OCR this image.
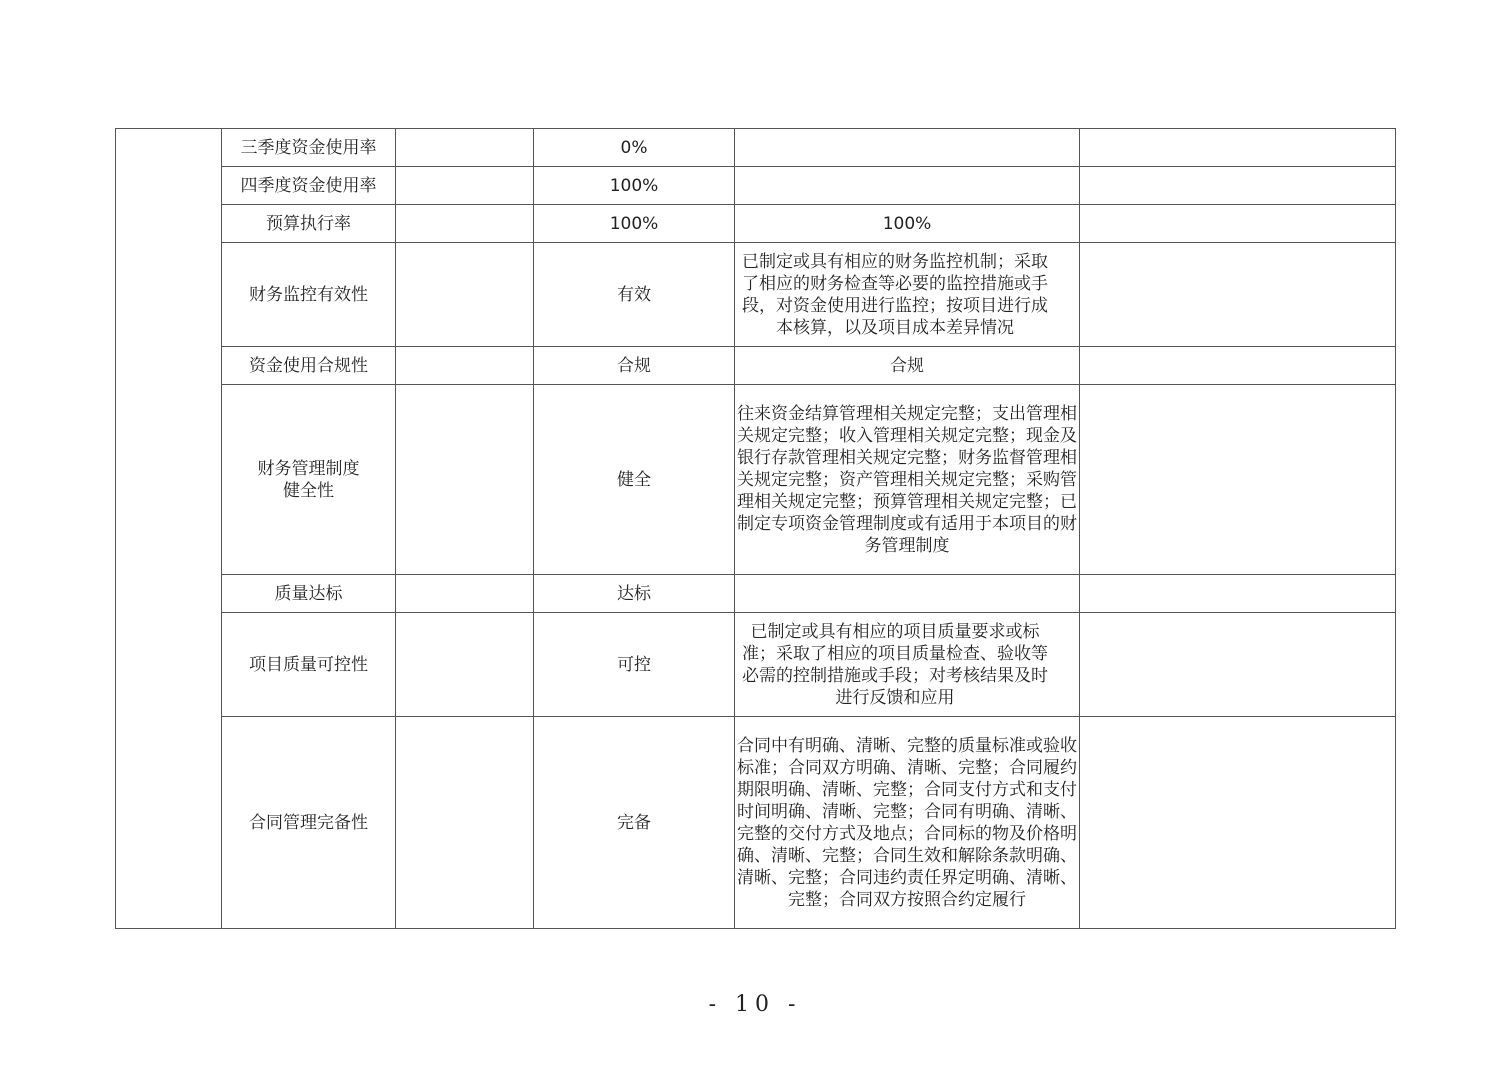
	三季度资金使用率		0%		
	四季度资金使用率		100%		
	预算执行率		100%	100%	
	财务监控有效性		有效	已制定或具有相应的财务监控机制；采取了相应的财务检查等必要的监控措施或手段，对资金使用进行监控；按项目进行成本核算，以及项目成本差异情况	
	资金使用合规性		合规	合规	
	财务管理制度健全性		健全	往来资金结算管理相关规定完整；支出管理相关规定完整；收入管理相关规定完整；现金及银行存款管理相关规定完整；财务监督管理相关规定完整；资产管理相关规定完整；采购管理相关规定完整；预算管理相关规定完整；已制定专项资金管理制度或有适用于本项目的财务管理制度	
	质量达标		达标		
	项目质量可控性		可控	已制定或具有相应的项目质量要求或标准；采取了相应的项目质量检查、验收等必需的控制措施或手段；对考核结果及时进行反馈和应用	
	合同管理完备性		完备	合同中有明确、清晰、完整的质量标准或验收标准；合同双方明确、清晰、完整；合同履约期限明确、清晰、完整；合同支付方式和支付时间明确、清晰、完整；合同有明确、清晰、完整的交付方式及地点；合同标的物及价格明确、清晰、完整；合同生效和解除条款明确、清晰、完整；合同违约责任界定明确、清晰、完整；合同双方按照合约定履行	
- 10 -
